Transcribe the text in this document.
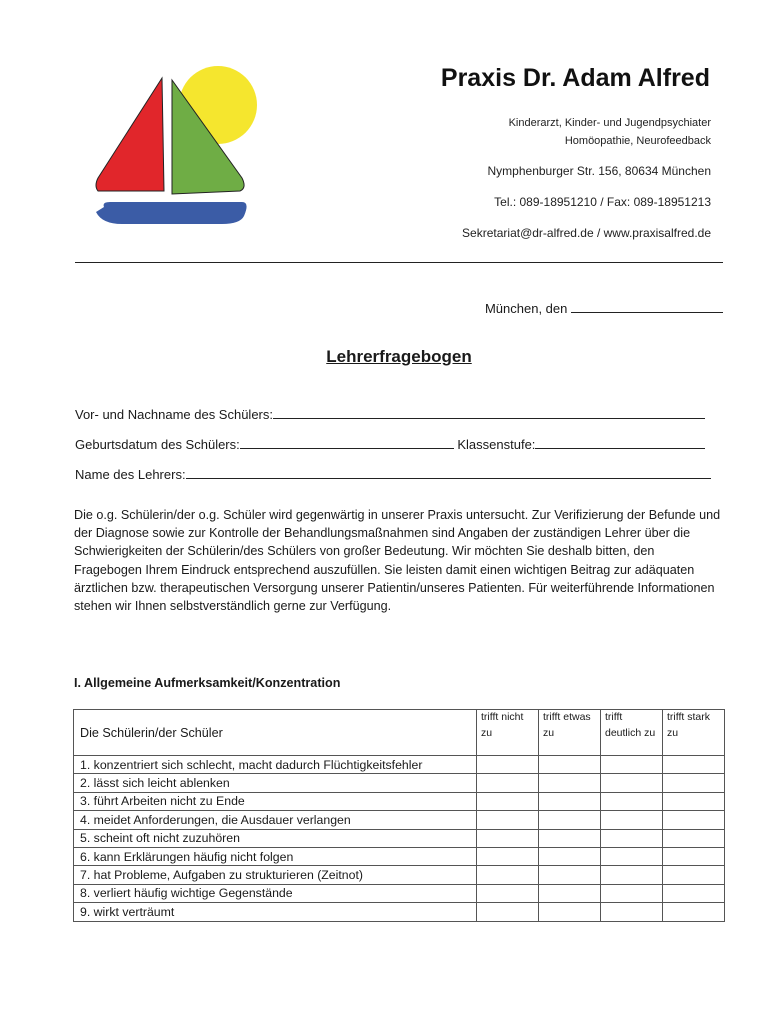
Praxis Dr. Adam Alfred
Kinderarzt, Kinder- und Jugendpsychiater
Homöopathie, Neurofeedback
Nymphenburger Str. 156, 80634 München
Tel.: 089-18951210 / Fax: 089-18951213
Sekretariat@dr-alfred.de / www.praxisalfred.de
München, den
Lehrerfragebogen
Vor- und Nachname des Schülers:
Geburtsdatum des Schülers:	Klassenstufe:
Name des Lehrers:
Die o.g. Schülerin/der o.g. Schüler wird gegenwärtig in unserer Praxis untersucht. Zur Verifizierung der Befunde und der Diagnose sowie zur Kontrolle der Behandlungsmaßnahmen sind Angaben der zuständigen Lehrer über die Schwierigkeiten der Schülerin/des Schülers von großer Bedeutung. Wir möchten Sie deshalb bitten, den Fragebogen Ihrem Eindruck entsprechend auszufüllen. Sie leisten damit einen wichtigen Beitrag zur adäquaten ärztlichen bzw. therapeutischen Versorgung unserer Patientin/unseres Patienten. Für weiterführende Informationen stehen wir Ihnen selbstverständlich gerne zur Verfügung.
I. Allgemeine Aufmerksamkeit/Konzentration
Die Schülerin/der Schüler	trifft nicht zu	trifft etwas zu	trifft deutlich zu	trifft stark zu
1. konzentriert sich schlecht, macht dadurch Flüchtigkeitsfehler				
2. lässt sich leicht ablenken				
3. führt Arbeiten nicht zu Ende				
4. meidet Anforderungen, die Ausdauer verlangen				
5. scheint oft nicht zuzuhören				
6. kann Erklärungen häufig nicht folgen				
7. hat Probleme, Aufgaben zu strukturieren (Zeitnot)				
8. verliert häufig wichtige Gegenstände				
9. wirkt verträumt				
